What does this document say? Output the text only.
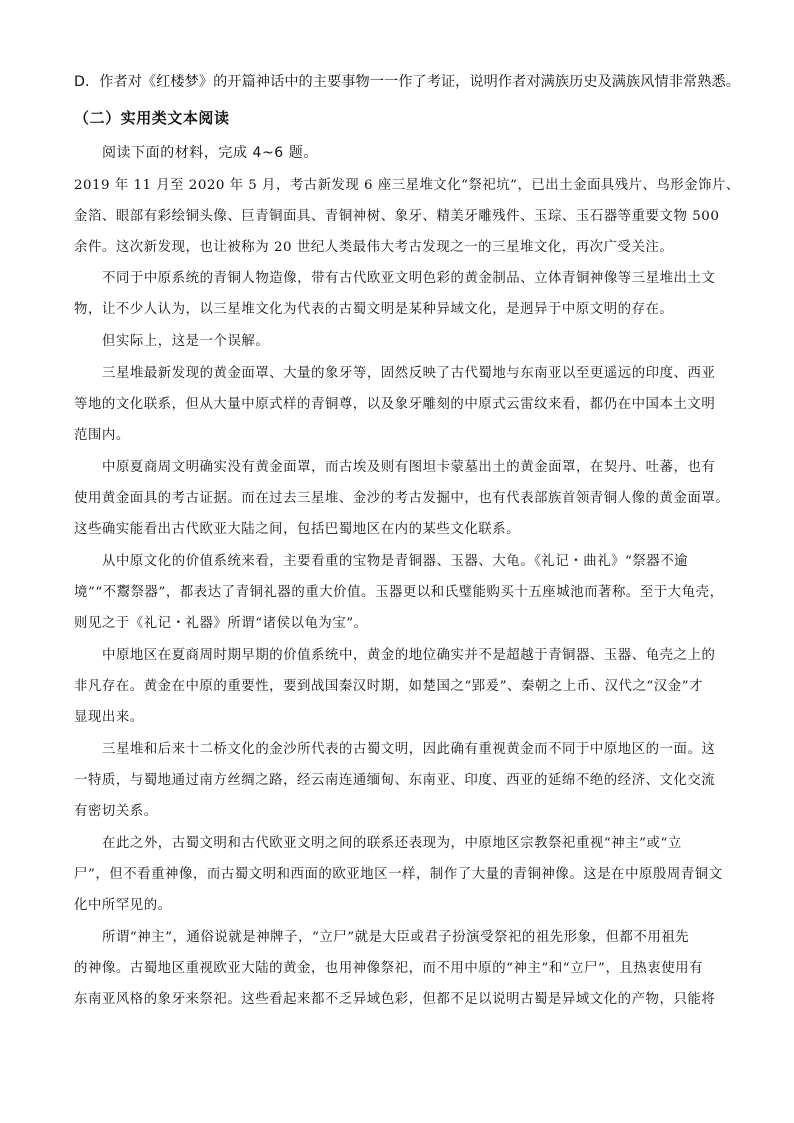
D．作者对《红楼梦》的开篇神话中的主要事物一一作了考证，说明作者对满族历史及满族风情非常熟悉。
（二）实用类文本阅读
阅读下面的材料，完成 4~6 题。
2019 年 11 月至 2020 年 5 月，考古新发现 6 座三星堆文化“祭祀坑”，已出土金面具残片、鸟形金饰片、
金箔、眼部有彩绘铜头像、巨青铜面具、青铜神树、象牙、精美牙雕残件、玉琮、玉石器等重要文物 500
余件。这次新发现，也让被称为 20 世纪人类最伟大考古发现之一的三星堆文化，再次广受关注。
不同于中原系统的青铜人物造像，带有古代欧亚文明色彩的黄金制品、立体青铜神像等三星堆出土文
物，让不少人认为，以三星堆文化为代表的古蜀文明是某种异域文化，是迥异于中原文明的存在。
但实际上，这是一个误解。
三星堆最新发现的黄金面罩、大量的象牙等，固然反映了古代蜀地与东南亚以至更遥远的印度、西亚
等地的文化联系，但从大量中原式样的青铜尊，以及象牙雕刻的中原式云雷纹来看，都仍在中国本土文明
范围内。
中原夏商周文明确实没有黄金面罩，而古埃及则有图坦卡蒙墓出土的黄金面罩，在契丹、吐蕃，也有
使用黄金面具的考古证据。而在过去三星堆、金沙的考古发掘中，也有代表部族首领青铜人像的黄金面罩。
这些确实能看出古代欧亚大陆之间，包括巴蜀地区在内的某些文化联系。
从中原文化的价值系统来看，主要看重的宝物是青铜器、玉器、大龟。《礼记・曲礼》“祭器不逾
境”“不鬻祭器”，都表达了青铜礼器的重大价值。玉器更以和氏璧能购买十五座城池而著称。至于大龟壳，
则见之于《礼记・礼器》所谓“诸侯以龟为宝”。
中原地区在夏商周时期早期的价值系统中，黄金的地位确实并不是超越于青铜器、玉器、龟壳之上的
非凡存在。黄金在中原的重要性，要到战国秦汉时期，如楚国之“郢爰”、秦朝之上币、汉代之“汉金”才
显现出来。
三星堆和后来十二桥文化的金沙所代表的古蜀文明，因此确有重视黄金而不同于中原地区的一面。这
一特质，与蜀地通过南方丝绸之路，经云南连通缅甸、东南亚、印度、西亚的延绵不绝的经济、文化交流
有密切关系。
在此之外，古蜀文明和古代欧亚文明之间的联系还表现为，中原地区宗教祭祀重视“神主”或“立
尸”，但不看重神像，而古蜀文明和西面的欧亚地区一样，制作了大量的青铜神像。这是在中原殷周青铜文
化中所罕见的。
所谓“神主”，通俗说就是神牌子，“立尸”就是大臣或君子扮演受祭祀的祖先形象，但都不用祖先
的神像。古蜀地区重视欧亚大陆的黄金，也用神像祭祀，而不用中原的“神主”和“立尸”，且热衷使用有
东南亚风格的象牙来祭祀。这些看起来都不乏异域色彩，但都不足以说明古蜀是异域文化的产物，只能将
